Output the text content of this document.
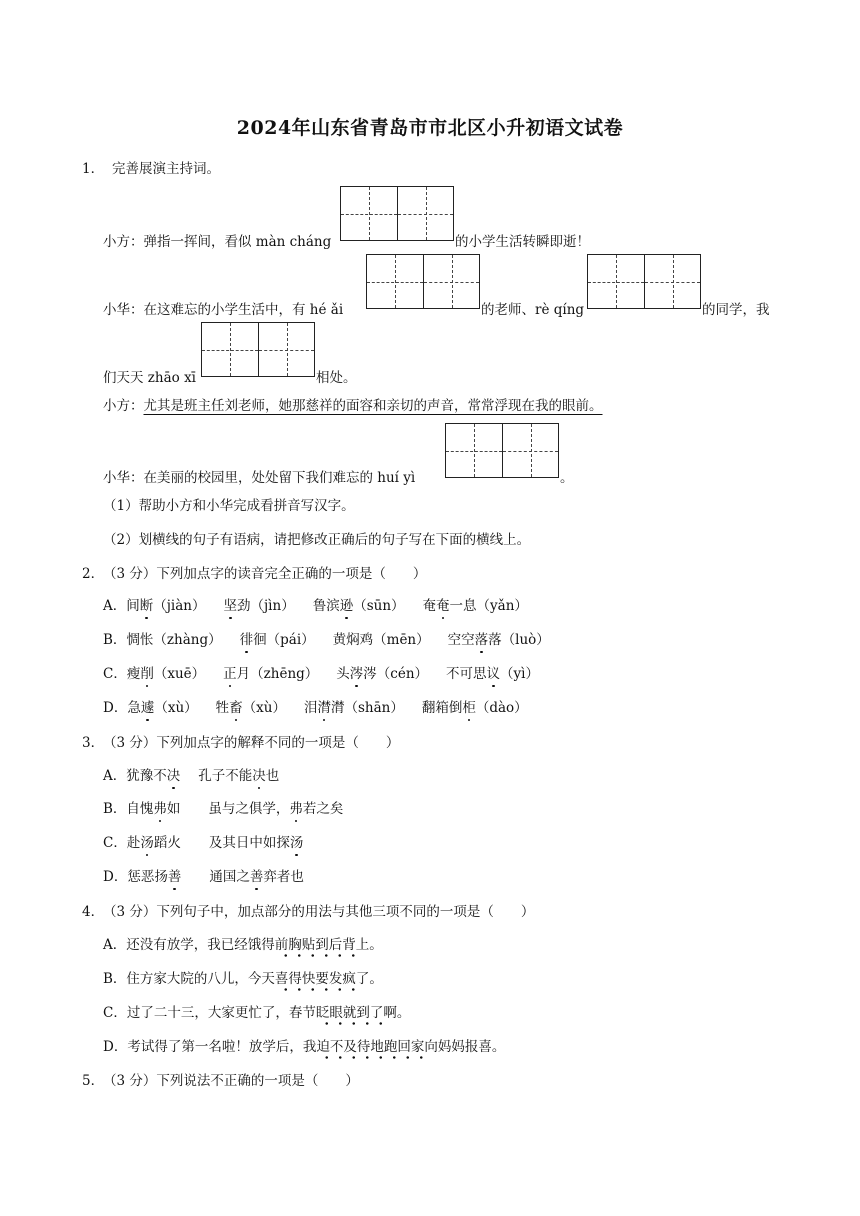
2024年山东省青岛市市北区小升初语文试卷
1． 完善展演主持词。
小方：弹指一挥间，看似 màn cháng	的小学生活转瞬即逝！
小华：在这难忘的小学生活中，有 hé ǎi	的老师、rè qíng	的同学，我
们天天 zhāo xī	相处。
小方：尤其是班主任刘老师，她那慈祥的面容和亲切的声音，常常浮现在我的眼前。
小华：在美丽的校园里，处处留下我们难忘的 huí yì	。
（1）帮助小方和小华完成看拼音写汉字。
（2）划横线的句子有语病，请把修改正确后的句子写在下面的横线上。
2．
（3 分）下列加点字的读音完全正确的一项是（　　）
A．间断（jiàn） 坚劲（jìn） 鲁滨逊（sūn） 奄奄一息（yǎn）
B．惆怅（zhàng） 徘徊（pái） 黄焖鸡（mēn） 空空落落（luò）
C．瘦削（xuē） 正月（zhēng） 头涔涔（cén） 不可思议（yì）
D．急遽（xù） 牲畜（xù） 泪潸潸（shān） 翻箱倒柜（dào）
3．
（3 分）下列加点字的解释不同的一项是（　　）
A．犹豫不决 孔子不能决也
B．自愧弗如 虽与之俱学，弗若之矣
C．赴汤蹈火 及其日中如探汤
D．惩恶扬善 通国之善弈者也
4．
（3 分）下列句子中，加点部分的用法与其他三项不同的一项是（　　）
A．还没有放学，我已经饿得前胸贴到后背上。
B．住方家大院的八儿，今天喜得快要发疯了。
C．过了二十三，大家更忙了，春节眨眼就到了啊。
D．考试得了第一名啦！放学后，我迫不及待地跑回家向妈妈报喜。
5．
（3 分）下列说法不正确的一项是（　　）
